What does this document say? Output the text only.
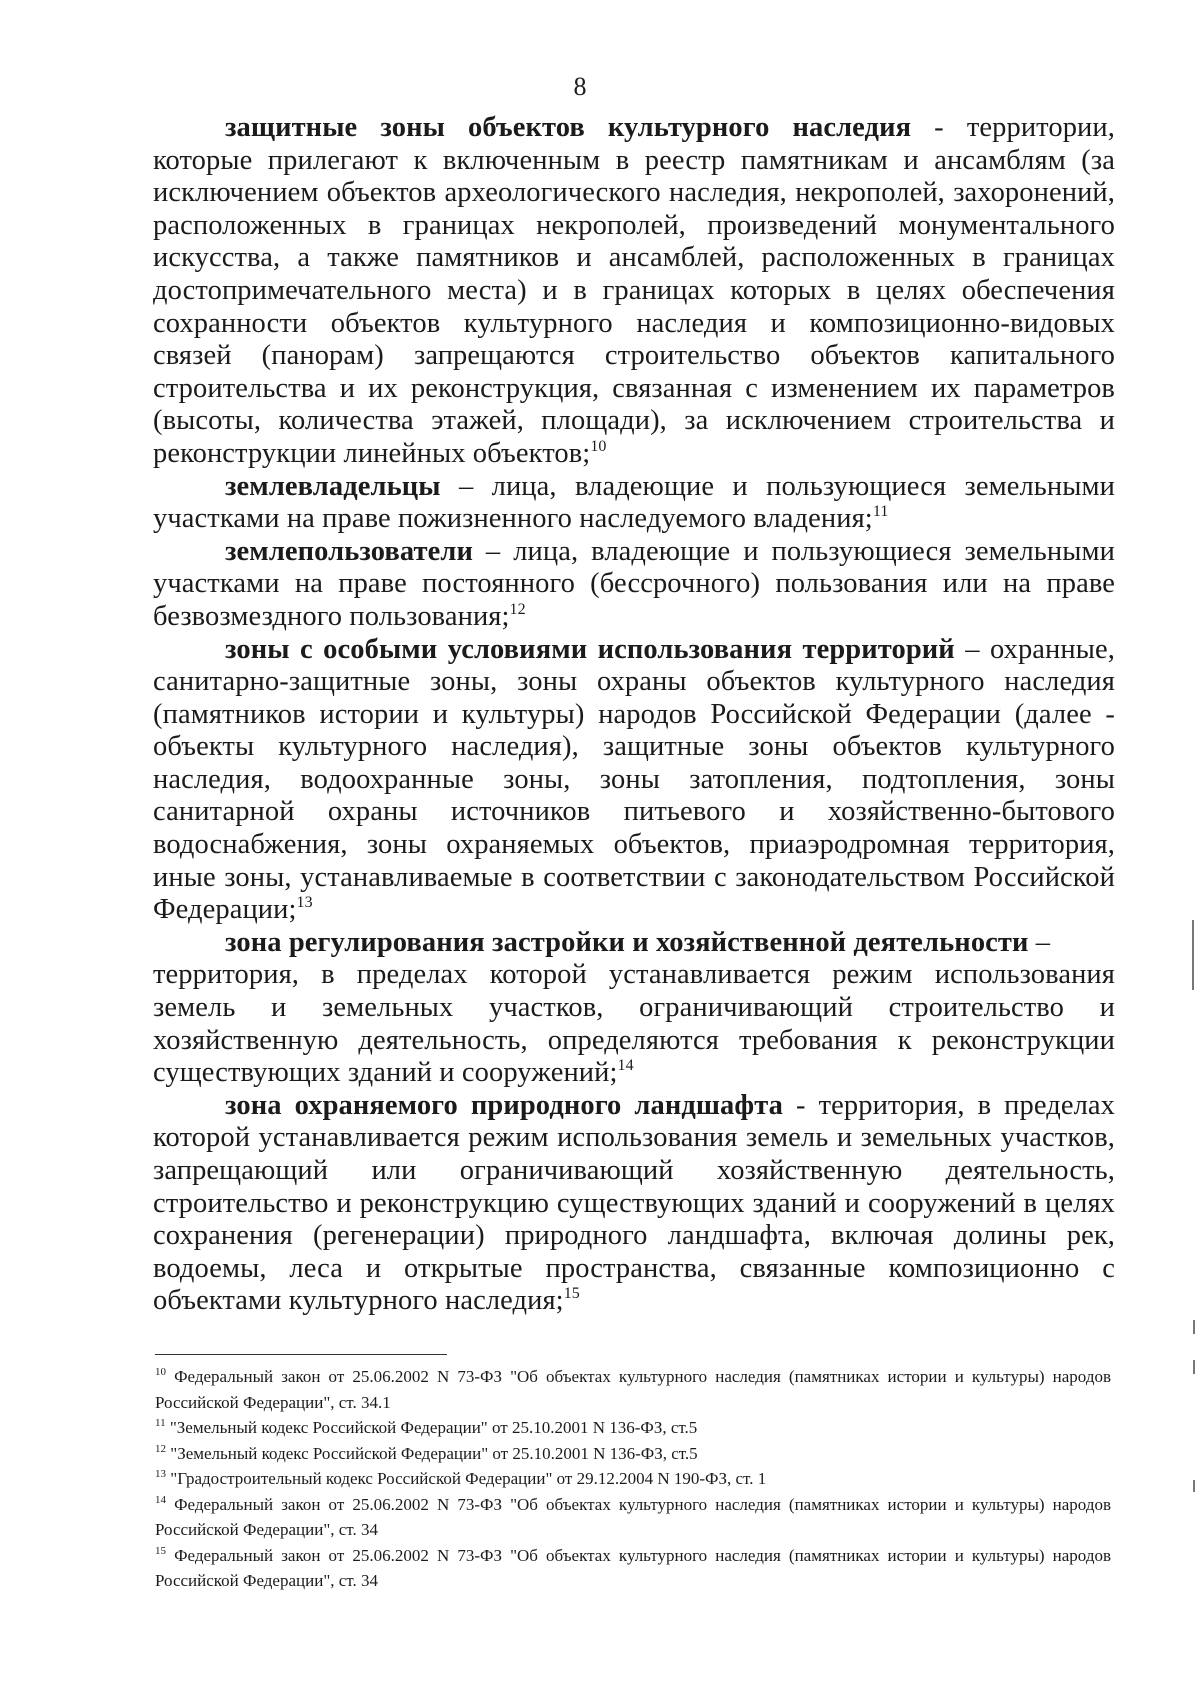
8

защитные зоны объектов культурного наследия - территории, которые прилегают к включенным в реестр памятникам и ансамблям (за исключением объектов археологического наследия, некрополей, захоронений, расположенных в границах некрополей, произведений монументального искусства, а также памятников и ансамблей, расположенных в границах достопримечательного места) и в границах которых в целях обеспечения сохранности объектов культурного наследия и композиционно-видовых связей (панорам) запрещаются строительство объектов капитального строительства и их реконструкция, связанная с изменением их параметров (высоты, количества этажей, площади), за исключением строительства и реконструкции линейных объектов;$^{10}$

землевладельцы – лица, владеющие и пользующиеся земельными участками на праве пожизненного наследуемого владения;$^{11}$

землепользователи – лица, владеющие и пользующиеся земельными участками на праве постоянного (бессрочного) пользования или на праве безвозмездного пользования;$^{12}$

зоны с особыми условиями использования территорий – охранные, санитарно-защитные зоны, зоны охраны объектов культурного наследия (памятников истории и культуры) народов Российской Федерации (далее - объекты культурного наследия), защитные зоны объектов культурного наследия, водоохранные зоны, зоны затопления, подтопления, зоны санитарной охраны источников питьевого и хозяйственно-бытового водоснабжения, зоны охраняемых объектов, приаэродромная территория, иные зоны, устанавливаемые в соответствии с законодательством Российской Федерации;$^{13}$

зона регулирования застройки и хозяйственной деятельности –

территория, в пределах которой устанавливается режим использования земель и земельных участков, ограничивающий строительство и хозяйственную деятельность, определяются требования к реконструкции существующих зданий и сооружений;$^{14}$

зона охраняемого природного ландшафта - территория, в пределах которой устанавливается режим использования земель и земельных участков, запрещающий или ограничивающий хозяйственную деятельность, строительство и реконструкцию существующих зданий и сооружений в целях сохранения (регенерации) природного ландшафта, включая долины рек, водоемы, леса и открытые пространства, связанные композиционно с объектами культурного наследия;$^{15}$

$^{10}$ Федеральный закон от 25.06.2002 N 73-ФЗ "Об объектах культурного наследия (памятниках истории и культуры) народов Российской Федерации", ст. 34.1

$^{11}$ "Земельный кодекс Российской Федерации" от 25.10.2001 N 136-ФЗ, ст.5

$^{12}$ "Земельный кодекс Российской Федерации" от 25.10.2001 N 136-ФЗ, ст.5

$^{13}$ "Градостроительный кодекс Российской Федерации" от 29.12.2004 N 190-ФЗ, ст. 1

$^{14}$ Федеральный закон от 25.06.2002 N 73-ФЗ "Об объектах культурного наследия (памятниках истории и культуры) народов Российской Федерации", ст. 34

$^{15}$ Федеральный закон от 25.06.2002 N 73-ФЗ "Об объектах культурного наследия (памятниках истории и культуры) народов Российской Федерации", ст. 34
